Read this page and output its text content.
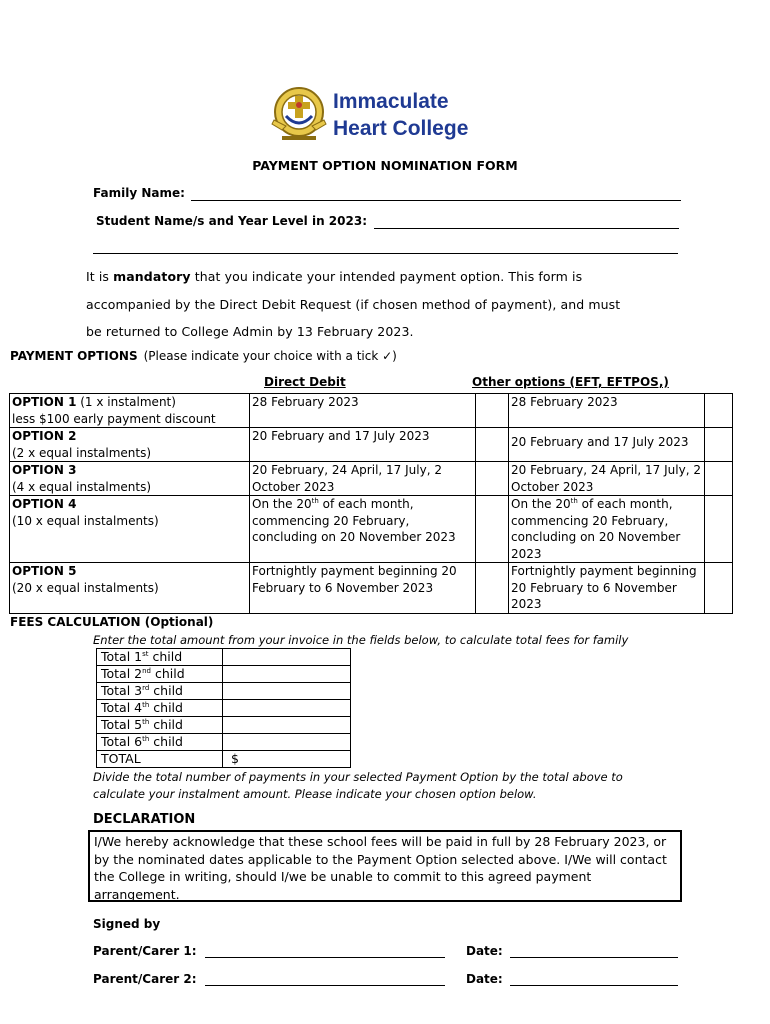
Immaculate
Heart College
PAYMENT OPTION NOMINATION FORM
Family Name:
Student Name/s and Year Level in 2023:
It is mandatory that you indicate your intended payment option. This form is
accompanied by the Direct Debit Request (if chosen method of payment), and must
be returned to College Admin by 13 February 2023.
PAYMENT OPTIONS (Please indicate your choice with a tick ✓)
Direct Debit	Other options (EFT, EFTPOS,)
OPTION 1 (1 x instalment)
less $100 early payment discount	28 February 2023		28 February 2023	
OPTION 2
(2 x equal instalments)	20 February and 17 July 2023		20 February and 17 July 2023	
OPTION 3
(4 x equal instalments)	20 February, 24 April, 17 July, 2 October 2023		20 February, 24 April, 17 July, 2 October 2023	
OPTION 4
(10 x equal instalments)	On the 20th of each month, commencing 20 February, concluding on 20 November 2023		On the 20th of each month, commencing 20 February, concluding on 20 November 2023	
OPTION 5
(20 x equal instalments)	Fortnightly payment beginning 20 February to 6 November 2023		Fortnightly payment beginning 20 February to 6 November 2023	
FEES CALCULATION (Optional)
Enter the total amount from your invoice in the fields below, to calculate total fees for family
Total 1st child	
Total 2nd child	
Total 3rd child	
Total 4th child	
Total 5th child	
Total 6th child	
TOTAL	$
Divide the total number of payments in your selected Payment Option by the total above to
calculate your instalment amount. Please indicate your chosen option below.
DECLARATION
I/We hereby acknowledge that these school fees will be paid in full by 28 February 2023, or by the nominated dates applicable to the Payment Option selected above. I/We will contact the College in writing, should I/we be unable to commit to this agreed payment arrangement.
Signed by
Parent/Carer 1:	Date:
Parent/Carer 2:	Date:
